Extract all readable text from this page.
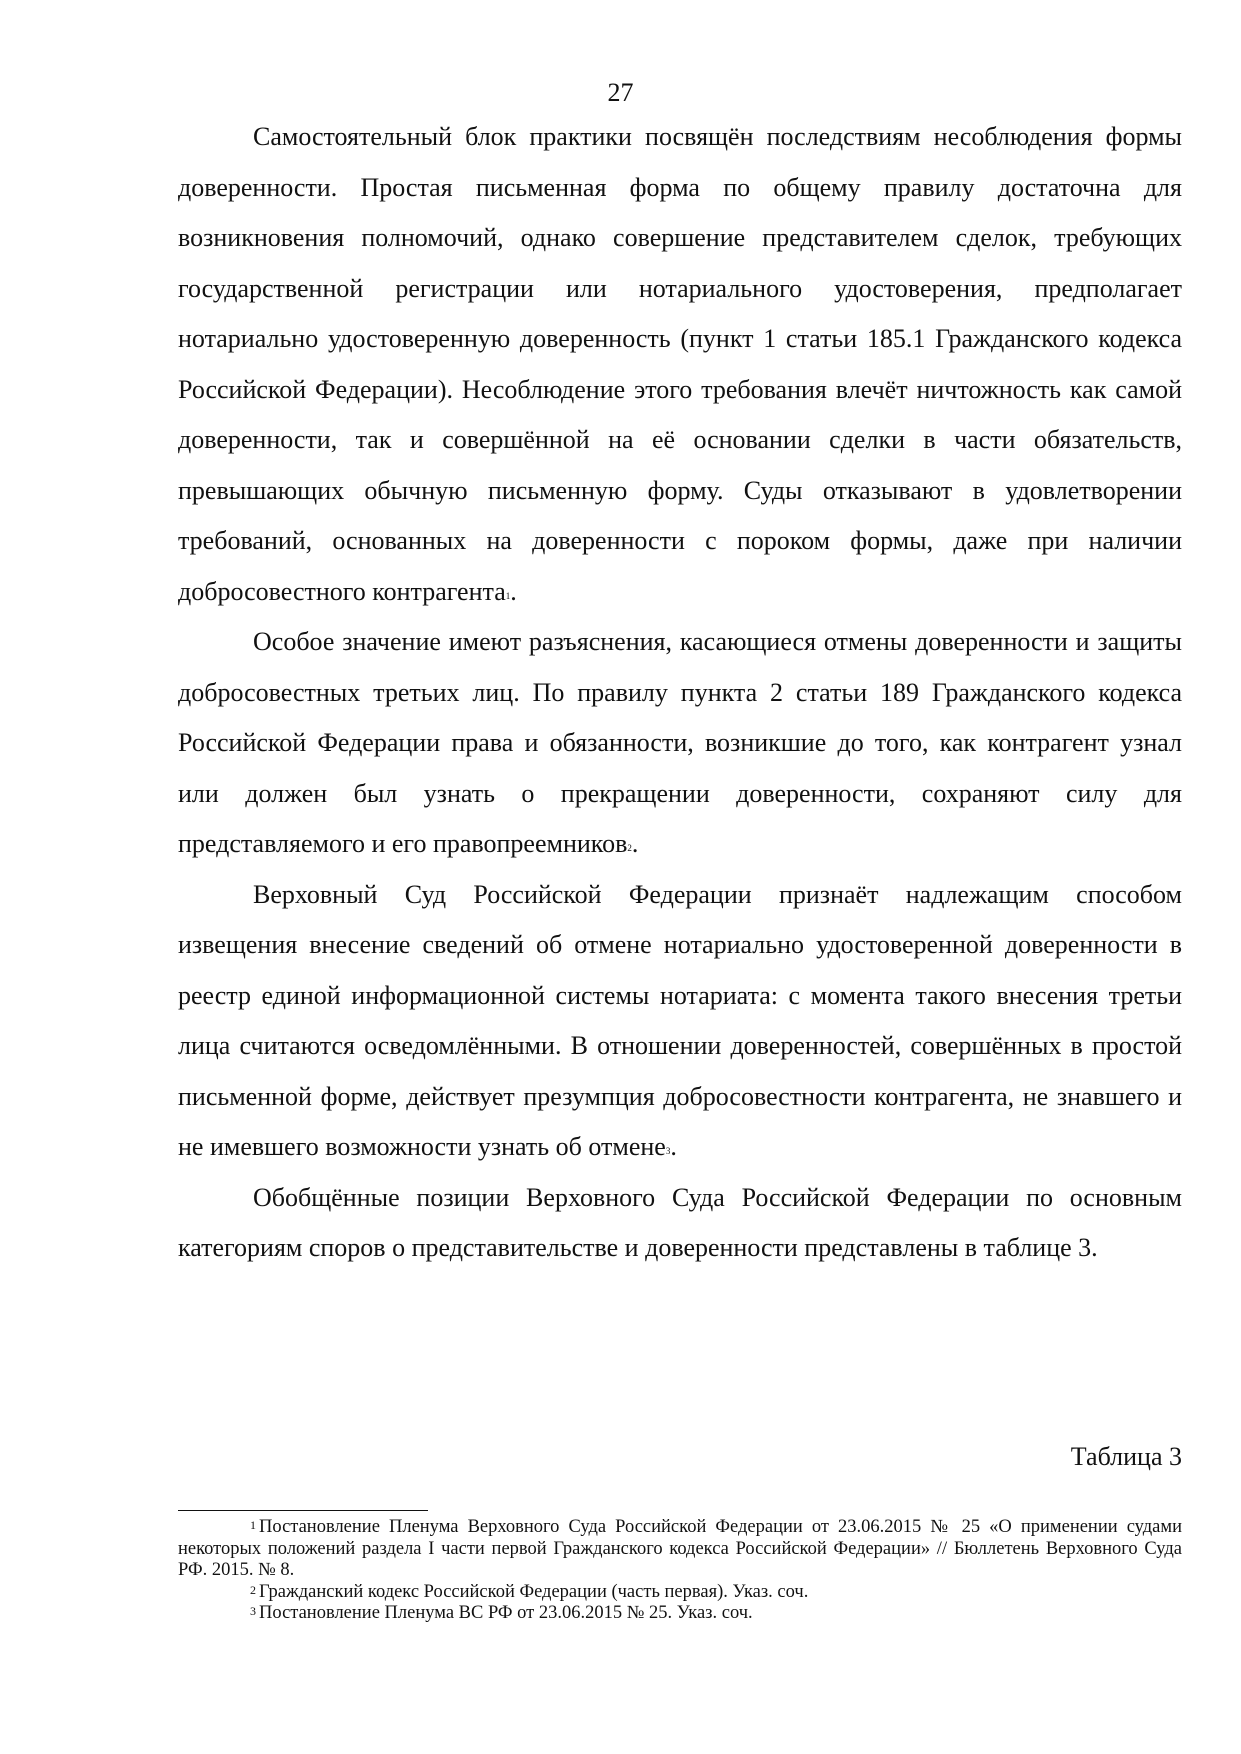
27

Самостоятельный блок практики посвящён последствиям несоблюдения формы доверенности. Простая письменная форма по общему правилу достаточна для возникновения полномочий, однако совершение представителем сделок, требующих государственной регистрации или нотариального удостоверения, предполагает нотариально удостоверенную доверенность (пункт 1 статьи 185.1 Гражданского кодекса Российской Федерации). Несоблюдение этого требования влечёт ничтожность как самой доверенности, так и совершённой на её основании сделки в части обязательств, превышающих обычную письменную форму. Суды отказывают в удовлетворении требований, основанных на доверенности с пороком формы, даже при наличии добросовестного контрагента$^1$.

Особое значение имеют разъяснения, касающиеся отмены доверенности и защиты добросовестных третьих лиц. По правилу пункта 2 статьи 189 Гражданского кодекса Российской Федерации права и обязанности, возникшие до того, как контрагент узнал или должен был узнать о прекращении доверенности, сохраняют силу для представляемого и его правопреемников$^2$.

Верховный Суд Российской Федерации признаёт надлежащим способом извещения внесение сведений об отмене нотариально удостоверенной доверенности в реестр единой информационной системы нотариата: с момента такого внесения третьи лица считаются осведомлёнными. В отношении доверенностей, совершённых в простой письменной форме, действует презумпция добросовестности контрагента, не знавшего и не имевшего возможности узнать об отмене$^3$.

Обобщённые позиции Верховного Суда Российской Федерации по основным категориям споров о представительстве и доверенности представлены в таблице 3.

Таблица 3

$^1$ Постановление Пленума Верховного Суда Российской Федерации от 23.06.2015 № 25 «О применении судами некоторых положений раздела I части первой Гражданского кодекса Российской Федерации» // Бюллетень Верховного Суда РФ. 2015. № 8.

$^2$ Гражданский кодекс Российской Федерации (часть первая). Указ. соч.

$^3$ Постановление Пленума ВС РФ от 23.06.2015 № 25. Указ. соч.
